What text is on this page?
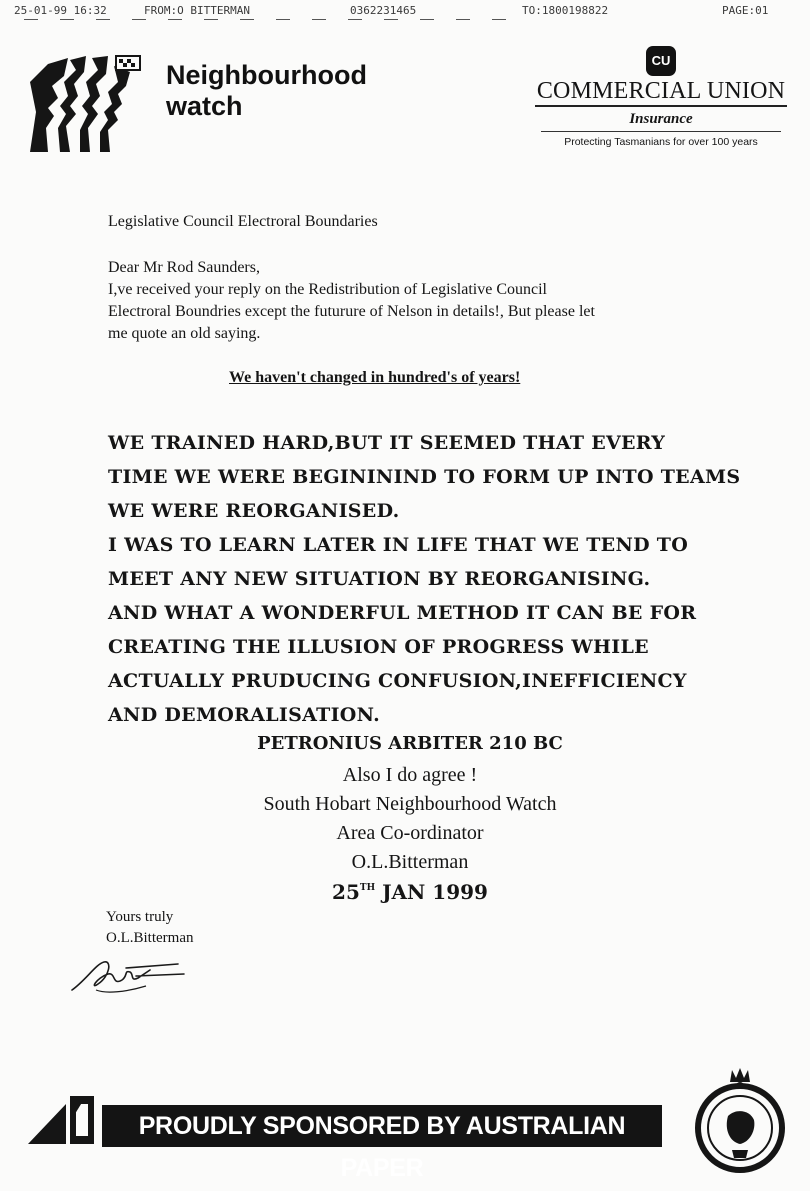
25-01-99 16:32	FROM:O BITTERMAN	0362231465	TO:1800198822	PAGE:01
Neighbourhood
watch
CU
COMMERCIAL UNION
Insurance
Protecting Tasmanians for over 100 years
Legislative Council Electroral Boundaries
Dear Mr Rod Saunders,
I,ve received your reply on the Redistribution of Legislative Council
Electroral Boundries except the futurure of Nelson in details!, But please let
me quote an old saying.
We haven't changed in hundred's of years!
WE TRAINED HARD,BUT IT SEEMED THAT EVERY
TIME WE WERE BEGINININD TO FORM UP INTO TEAMS
WE WERE REORGANISED.
I WAS TO LEARN LATER IN LIFE THAT WE TEND TO
MEET ANY NEW SITUATION BY REORGANISING.
AND WHAT A WONDERFUL METHOD IT CAN BE FOR
CREATING THE ILLUSION OF PROGRESS WHILE
ACTUALLY PRUDUCING CONFUSION,INEFFICIENCY
AND DEMORALISATION.
PETRONIUS ARBITER 210 BC
Also I do agree !
South Hobart Neighbourhood Watch
Area Co-ordinator
O.L.Bitterman
25TH JAN 1999
Yours truly
O.L.Bitterman
PROUDLY SPONSORED BY AUSTRALIAN PAPER
